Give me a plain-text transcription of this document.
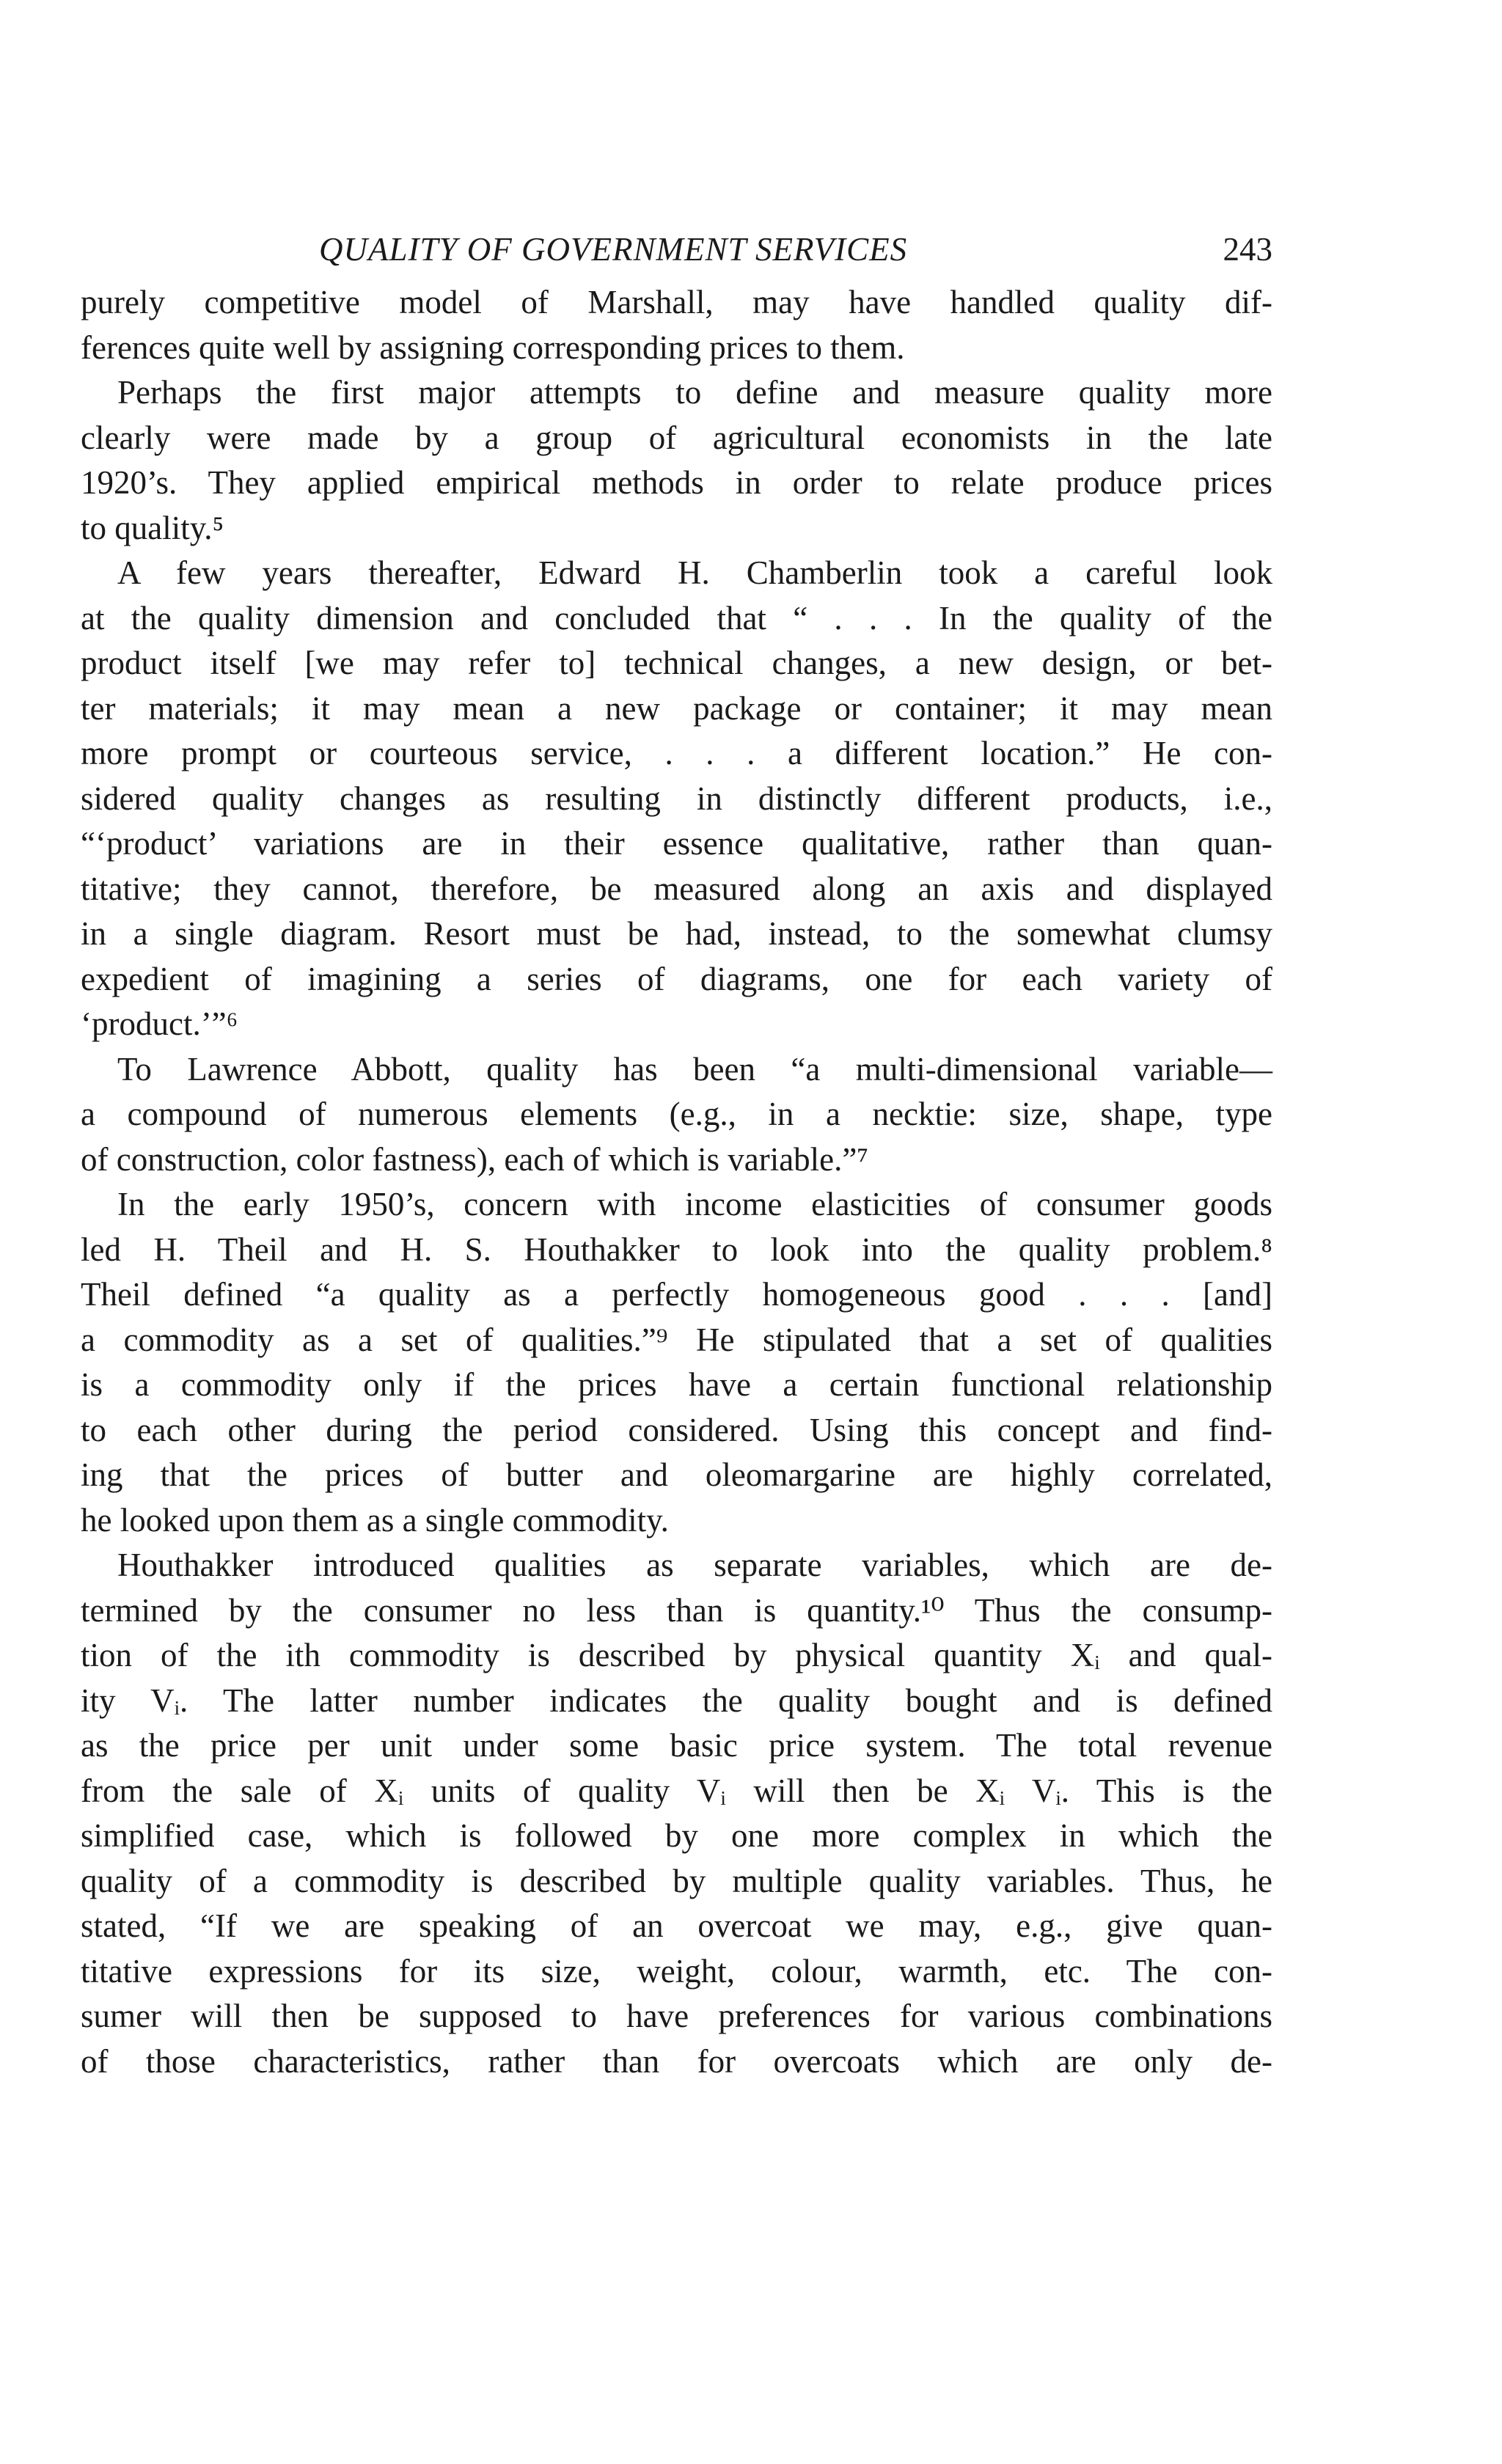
QUALITY OF GOVERNMENT SERVICES	243
purely competitive model of Marshall, may have handled quality dif-
ferences quite well by assigning corresponding prices to them.
Perhaps the first major attempts to define and measure quality more
clearly were made by a group of agricultural economists in the late
1920’s. They applied empirical methods in order to relate produce prices
to quality.⁵
A few years thereafter, Edward H. Chamberlin took a careful look
at the quality dimension and concluded that “ . . . In the quality of the
product itself [we may refer to] technical changes, a new design, or bet-
ter materials; it may mean a new package or container; it may mean
more prompt or courteous service, . . . a different location.” He con-
sidered quality changes as resulting in distinctly different products, i.e.,
“‘product’ variations are in their essence qualitative, rather than quan-
titative; they cannot, therefore, be measured along an axis and displayed
in a single diagram. Resort must be had, instead, to the somewhat clumsy
expedient of imagining a series of diagrams, one for each variety of
‘product.’”⁶
To Lawrence Abbott, quality has been “a multi-dimensional variable—
a compound of numerous elements (e.g., in a necktie: size, shape, type
of construction, color fastness), each of which is variable.”⁷
In the early 1950’s, concern with income elasticities of consumer goods
led H. Theil and H. S. Houthakker to look into the quality problem.⁸
Theil defined “a quality as a perfectly homogeneous good . . . [and]
a commodity as a set of qualities.”⁹ He stipulated that a set of qualities
is a commodity only if the prices have a certain functional relationship
to each other during the period considered. Using this concept and find-
ing that the prices of butter and oleomargarine are highly correlated,
he looked upon them as a single commodity.
Houthakker introduced qualities as separate variables, which are de-
termined by the consumer no less than is quantity.¹⁰ Thus the consump-
tion of the ith commodity is described by physical quantity Xᵢ and qual-
ity Vᵢ. The latter number indicates the quality bought and is defined
as the price per unit under some basic price system. The total revenue
from the sale of Xᵢ units of quality Vᵢ will then be Xᵢ Vᵢ. This is the
simplified case, which is followed by one more complex in which the
quality of a commodity is described by multiple quality variables. Thus, he
stated, “If we are speaking of an overcoat we may, e.g., give quan-
titative expressions for its size, weight, colour, warmth, etc. The con-
sumer will then be supposed to have preferences for various combinations
of those characteristics, rather than for overcoats which are only de-
